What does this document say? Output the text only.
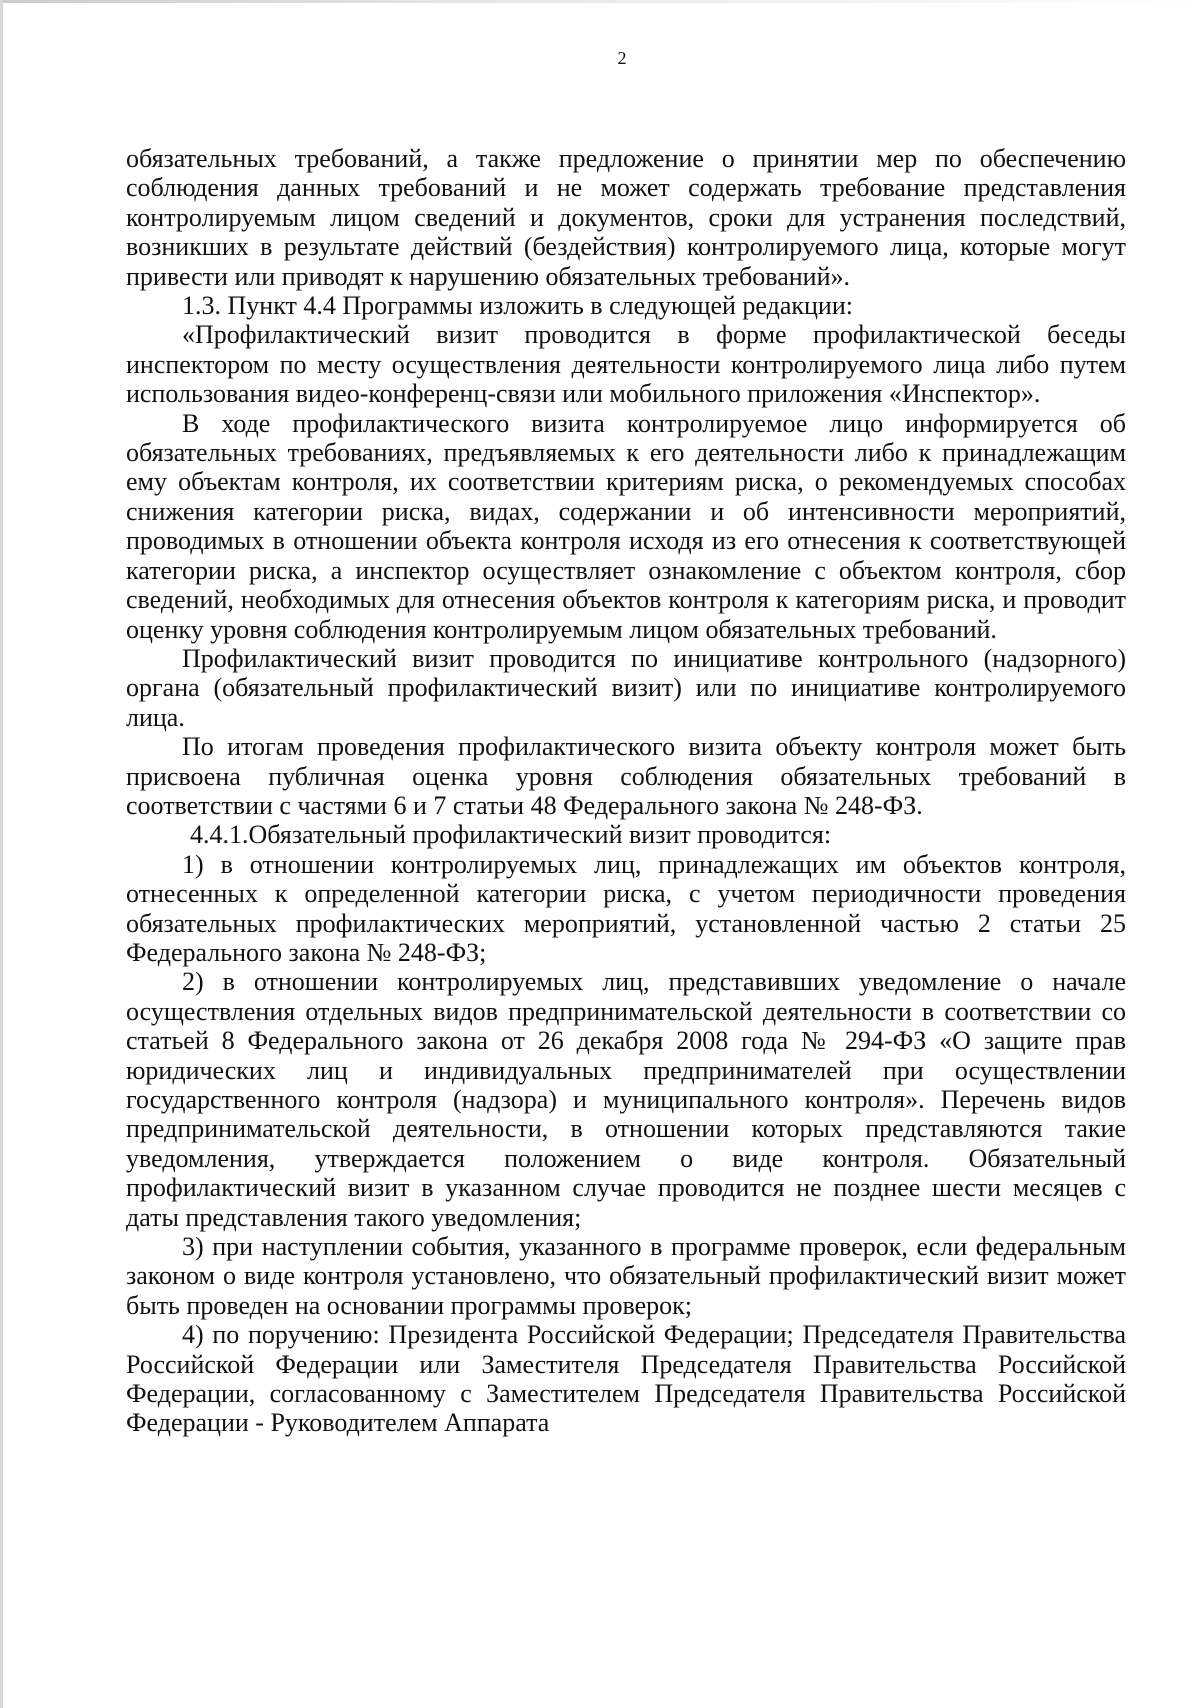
2

обязательных требований, а также предложение о принятии мер по обеспечению соблюдения данных требований и не может содержать требование представления контролируемым лицом сведений и документов, сроки для устранения последствий, возникших в результате действий (бездействия) контролируемого лица, которые могут привести или приводят к нарушению обязательных требований».

1.3. Пункт 4.4 Программы изложить в следующей редакции:

«Профилактический визит проводится в форме профилактической беседы инспектором по месту осуществления деятельности контролируемого лица либо путем использования видео-конференц-связи или мобильного приложения «Инспектор».

В ходе профилактического визита контролируемое лицо информируется об обязательных требованиях, предъявляемых к его деятельности либо к принадлежащим ему объектам контроля, их соответствии критериям риска, о рекомендуемых способах снижения категории риска, видах, содержании и об интенсивности мероприятий, проводимых в отношении объекта контроля исходя из его отнесения к соответствующей категории риска, а инспектор осуществляет ознакомление с объектом контроля, сбор сведений, необходимых для отнесения объектов контроля к категориям риска, и проводит оценку уровня соблюдения контролируемым лицом обязательных требований.

Профилактический визит проводится по инициативе контрольного (надзорного) органа (обязательный профилактический визит) или по инициативе контролируемого лица.

По итогам проведения профилактического визита объекту контроля может быть присвоена публичная оценка уровня соблюдения обязательных требований в соответствии с частями 6 и 7 статьи 48 Федерального закона № 248-ФЗ.

4.4.1.Обязательный профилактический визит проводится:

1) в отношении контролируемых лиц, принадлежащих им объектов контроля, отнесенных к определенной категории риска, с учетом периодичности проведения обязательных профилактических мероприятий, установленной частью 2 статьи 25 Федерального закона № 248-ФЗ;

2) в отношении контролируемых лиц, представивших уведомление о начале осуществления отдельных видов предпринимательской деятельности в соответствии со статьей 8 Федерального закона от 26 декабря 2008 года № 294-ФЗ «О защите прав юридических лиц и индивидуальных предпринимателей при осуществлении государственного контроля (надзора) и муниципального контроля». Перечень видов предпринимательской деятельности, в отношении которых представляются такие уведомления, утверждается положением о виде контроля. Обязательный профилактический визит в указанном случае проводится не позднее шести месяцев с даты представления такого уведомления;

3) при наступлении события, указанного в программе проверок, если федеральным законом о виде контроля установлено, что обязательный профилактический визит может быть проведен на основании программы проверок;

4) по поручению: Президента Российской Федерации; Председателя Правительства Российской Федерации или Заместителя Председателя Правительства Российской Федерации, согласованному с Заместителем Председателя Правительства Российской Федерации - Руководителем Аппарата
